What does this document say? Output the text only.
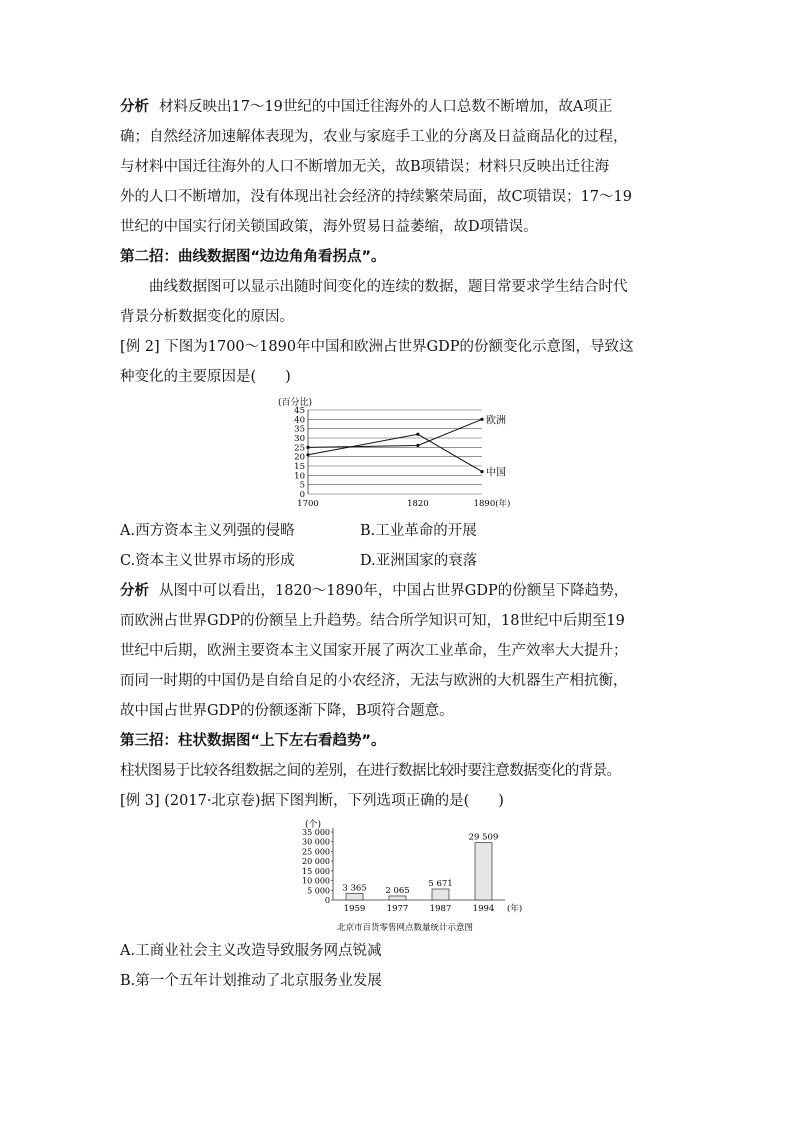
分析 材料反映出17～19世纪的中国迁往海外的人口总数不断增加，故A项正

确；自然经济加速解体表现为，农业与家庭手工业的分离及日益商品化的过程，

与材料中国迁往海外的人口不断增加无关，故B项错误；材料只反映出迁往海

外的人口不断增加，没有体现出社会经济的持续繁荣局面，故C项错误；17～19

世纪的中国实行闭关锁国政策，海外贸易日益萎缩，故D项错误。

第二招：曲线数据图“边边角角看拐点”。

曲线数据图可以显示出随时间变化的连续的数据，题目常要求学生结合时代

背景分析数据变化的原因。

[例 2] 下图为1700～1890年中国和欧洲占世界GDP的份额变化示意图，导致这

种变化的主要原因是(　　)

(百分比)
0
5
10
15
20
25
30
35
40
45
1700	1820	1890(年)
欧洲
中国
A.西方资本主义列强的侵略	B.工业革命的开展
C.资本主义世界市场的形成	D.亚洲国家的衰落

分析 从图中可以看出，1820～1890年，中国占世界GDP的份额呈下降趋势，

而欧洲占世界GDP的份额呈上升趋势。结合所学知识可知，18世纪中后期至19

世纪中后期，欧洲主要资本主义国家开展了两次工业革命，生产效率大大提升；

而同一时期的中国仍是自给自足的小农经济，无法与欧洲的大机器生产相抗衡，

故中国占世界GDP的份额逐渐下降，B项符合题意。

第三招：柱状数据图“上下左右看趋势”。

柱状图易于比较各组数据之间的差别，在进行数据比较时要注意数据变化的背景。

[例 3] (2017·北京卷)据下图判断，下列选项正确的是(　　)

(个)
0
5 000
10 000
15 000
20 000
25 000
30 000
35 000
3 365 2 065
5 671
29 509
1959	1977	1987	1994 (年)
北京市百货零售网点数量统计示意图

A.工商业社会主义改造导致服务网点锐减

B.第一个五年计划推动了北京服务业发展
